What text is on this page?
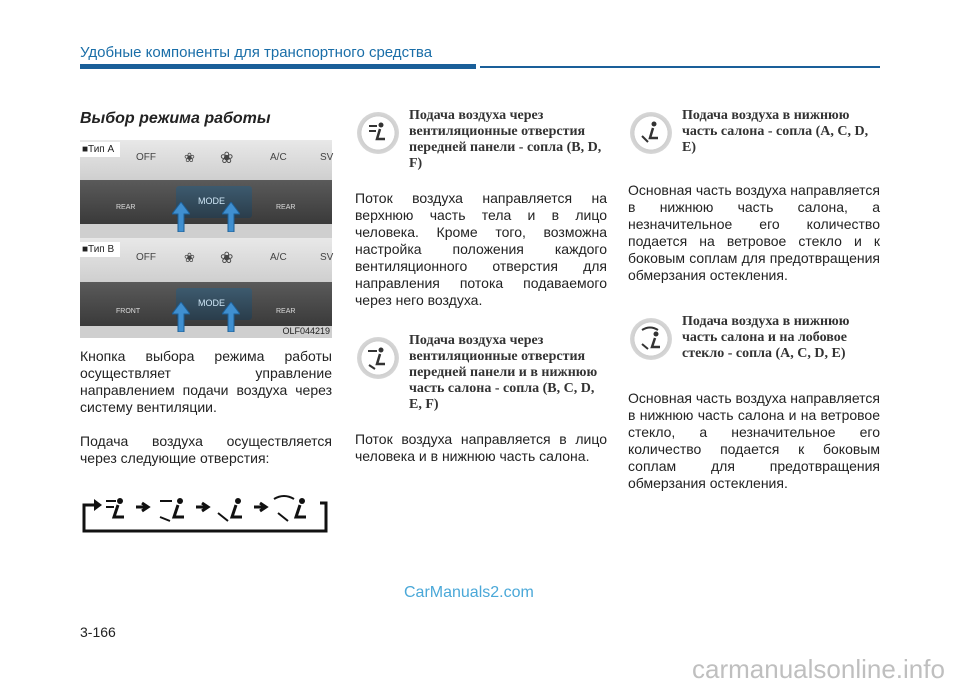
Удобные компоненты для транспортного средства
Выбор режима работы
OFF ❀ ❀	A/C	SV
REAR
MODE
REAR
■ Тип A
OFF ❀ ❀	A/C	SV
FRONT
MODE
REAR
■ Тип B
OLF044219

Кнопка выбора режима работы осуществляет управление направлением подачи воздуха через систему вентиляции.

Подача воздуха осуществляется через следующие отверстия:

Подача воздуха через вентиляционные отверстия передней панели - сопла (B, D, F)

Поток воздуха направляется на верхнюю часть тела и в лицо человека. Кроме того, возможна настройка положения каждого вентиляционного отверстия для направления потока подаваемого через него воздуха.

Подача воздуха через вентиляционные отверстия передней панели и в нижнюю часть салона - сопла (B, C, D, E, F)

Поток воздуха направляется в лицо человека и в нижнюю часть салона.

Подача воздуха в нижнюю часть салона - сопла (A, C, D, E)

Основная часть воздуха направляется в нижнюю часть салона, а незначительное его количество подается на ветровое стекло и к боковым соплам для предотвращения обмерзания остекления.

Подача воздуха в нижнюю часть салона и на лобовое стекло - сопла (A, C, D, E)

Основная часть воздуха направляется в нижнюю часть салона и на ветровое стекло, а незначительное его количество подается к боковым соплам для предотвращения обмерзания остекления.

CarManuals2.com
3-166
carmanualsonline.info
